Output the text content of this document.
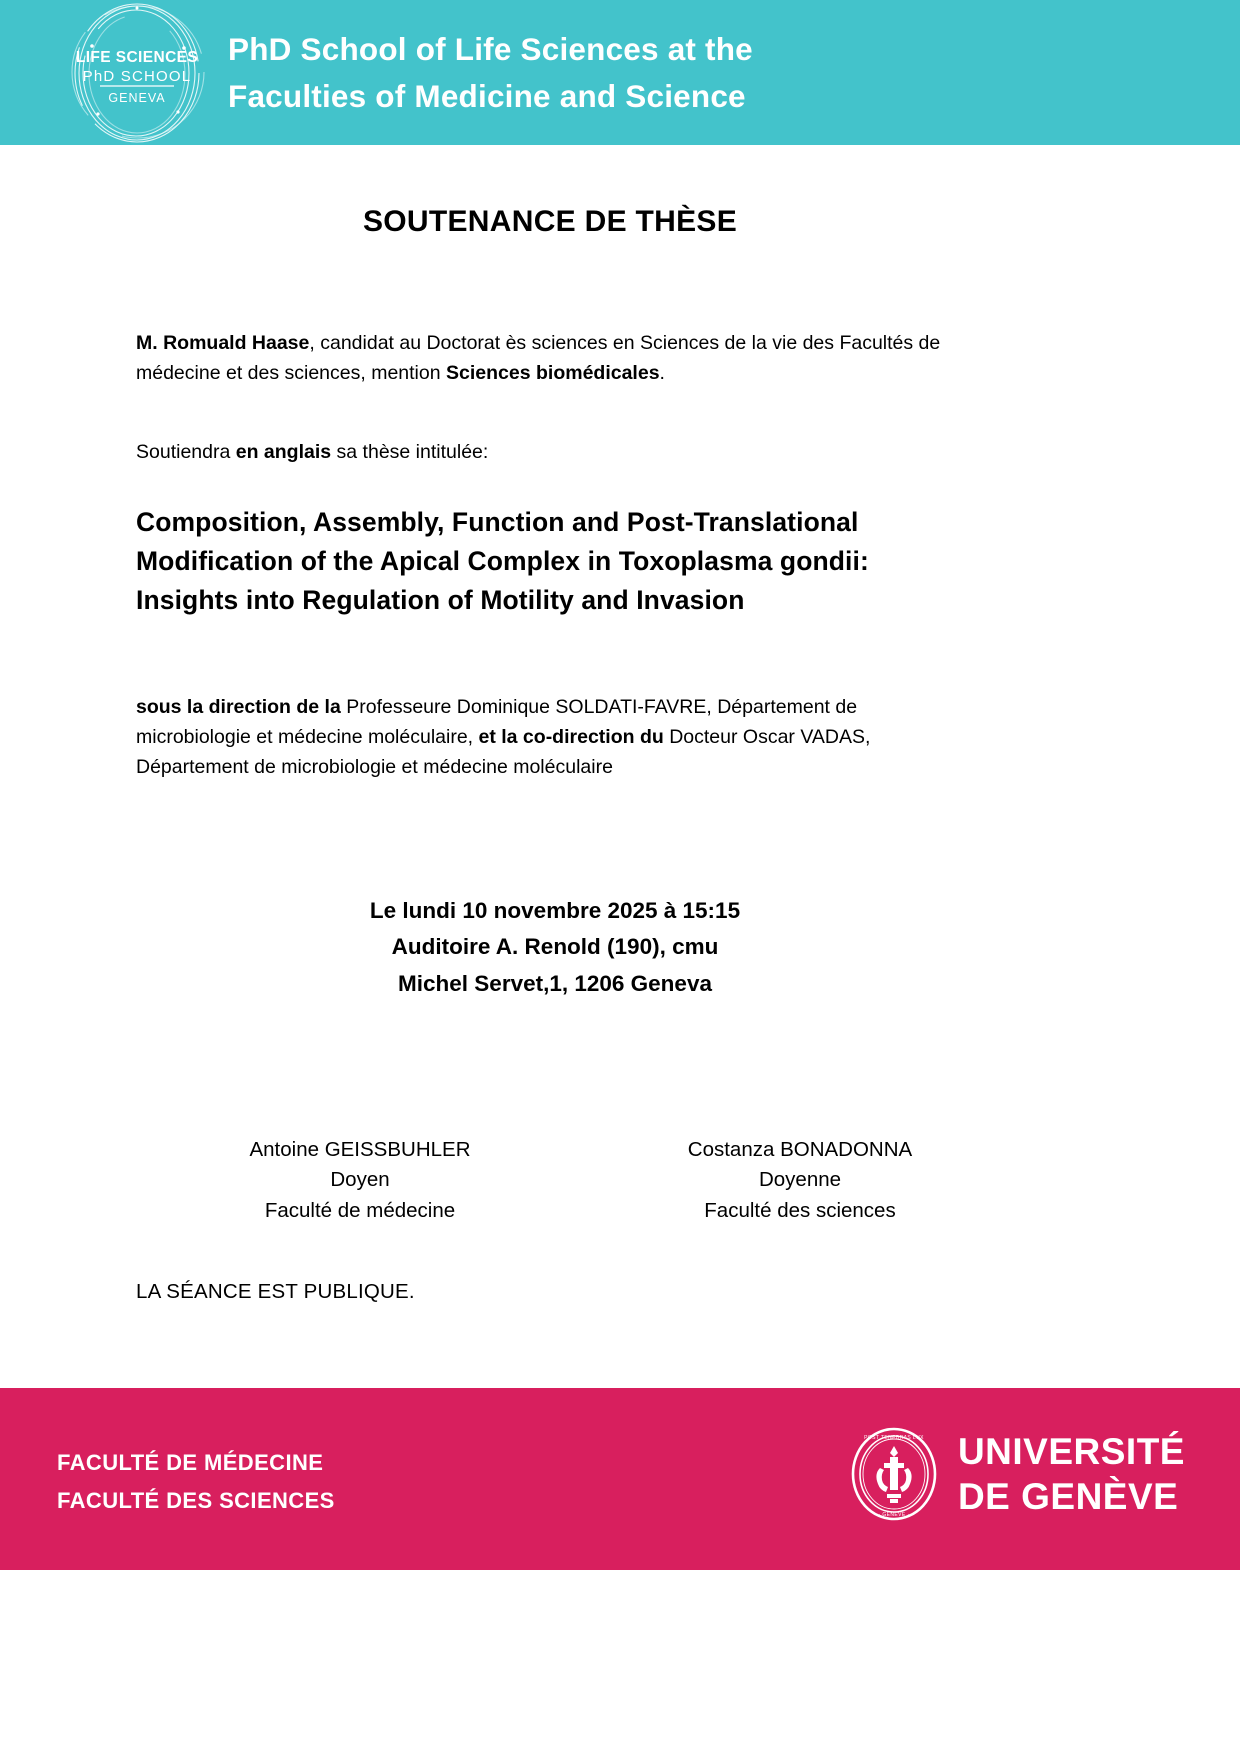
LIFE SCIENCES
PhD SCHOOL
GENEVA
PhD School of Life Sciences at the
Faculties of Medicine and Science
SOUTENANCE DE THÈSE

M. Romuald Haase, candidat au Doctorat ès sciences en Sciences de la vie des Facultés de médecine et des sciences, mention Sciences biomédicales.

Soutiendra en anglais sa thèse intitulée:

Composition, Assembly, Function and Post-Translational
Modification of the Apical Complex in Toxoplasma gondii:
Insights into Regulation of Motility and Invasion

sous la direction de la Professeure Dominique SOLDATI-FAVRE, Département de microbiologie et médecine moléculaire, et la co-direction du Docteur Oscar VADAS, Département de microbiologie et médecine moléculaire

Le lundi 10 novembre 2025 à 15:15
Auditoire A. Renold (190), cmu
Michel Servet,1, 1206 Geneva
Antoine GEISSBUHLER
Doyen
Faculté de médecine
Costanza BONADONNA
Doyenne
Faculté des sciences
LA SÉANCE EST PUBLIQUE.
FACULTÉ DE MÉDECINE
FACULTÉ DES SCIENCES
POST TENEBRAS LUX
· GENEVE ·
UNIVERSITÉ
DE GENÈVE
